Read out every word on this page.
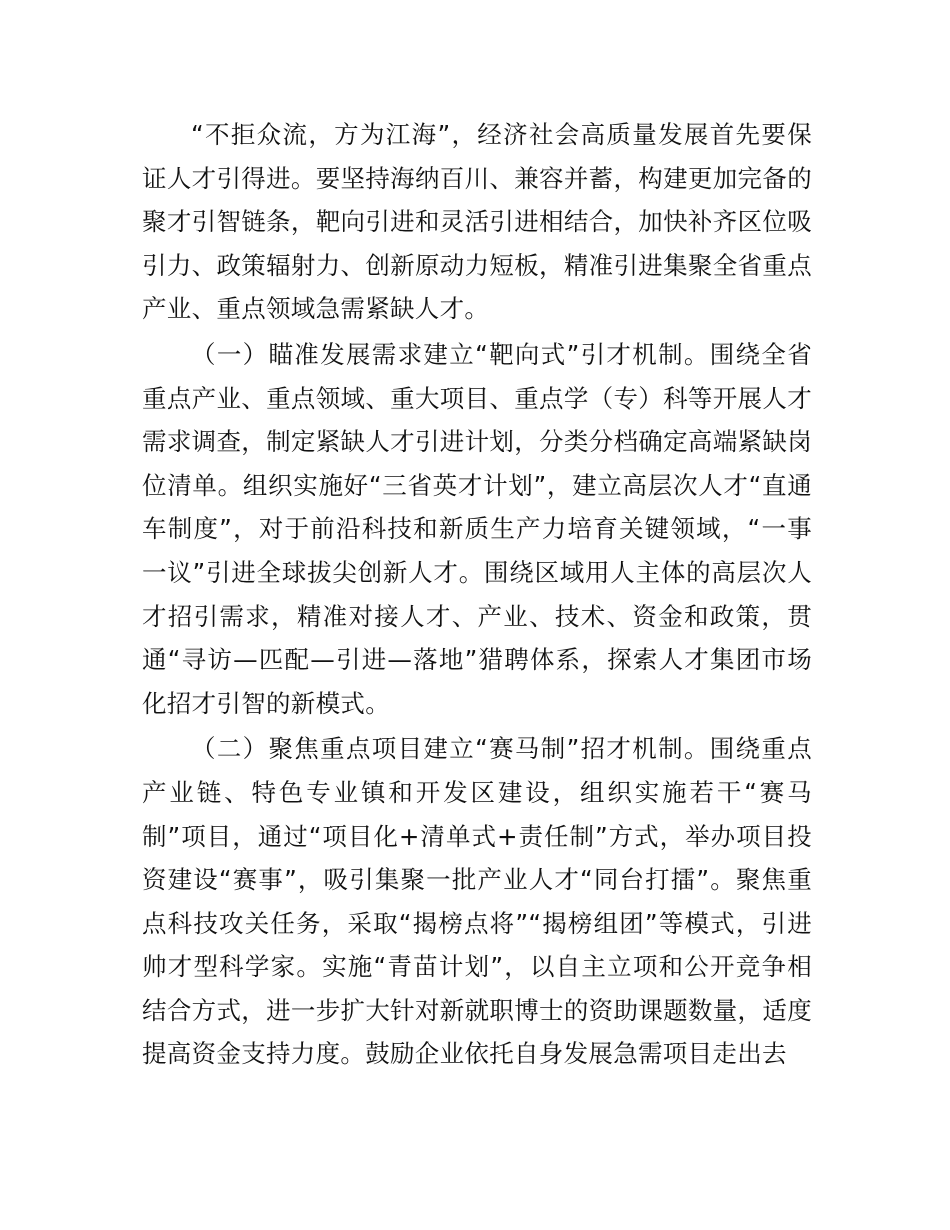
“不拒众流，方为江海”，经济社会高质量发展首先要保证人才引得进。要坚持海纳百川、兼容并蓄，构建更加完备的聚才引智链条，靶向引进和灵活引进相结合，加快补齐区位吸引力、政策辐射力、创新原动力短板，精准引进集聚全省重点产业、重点领域急需紧缺人才。

（一）瞄准发展需求建立“靶向式”引才机制。围绕全省重点产业、重点领域、重大项目、重点学（专）科等开展人才需求调查，制定紧缺人才引进计划，分类分档确定高端紧缺岗位清单。组织实施好“三省英才计划”，建立高层次人才“直通车制度”，对于前沿科技和新质生产力培育关键领域，“一事一议”引进全球拔尖创新人才。围绕区域用人主体的高层次人才招引需求，精准对接人才、产业、技术、资金和政策，贯通“寻访—匹配—引进—落地”猎聘体系，探索人才集团市场化招才引智的新模式。

（二）聚焦重点项目建立“赛马制”招才机制。围绕重点产业链、特色专业镇和开发区建设，组织实施若干“赛马制”项目，通过“项目化+清单式+责任制”方式，举办项目投资建设“赛事”，吸引集聚一批产业人才“同台打擂”。聚焦重点科技攻关任务，采取“揭榜点将”“揭榜组团”等模式，引进帅才型科学家。实施“青苗计划”，以自主立项和公开竞争相结合方式，进一步扩大针对新就职博士的资助课题数量，适度提高资金支持力度。鼓励企业依托自身发展急需项目走出去
